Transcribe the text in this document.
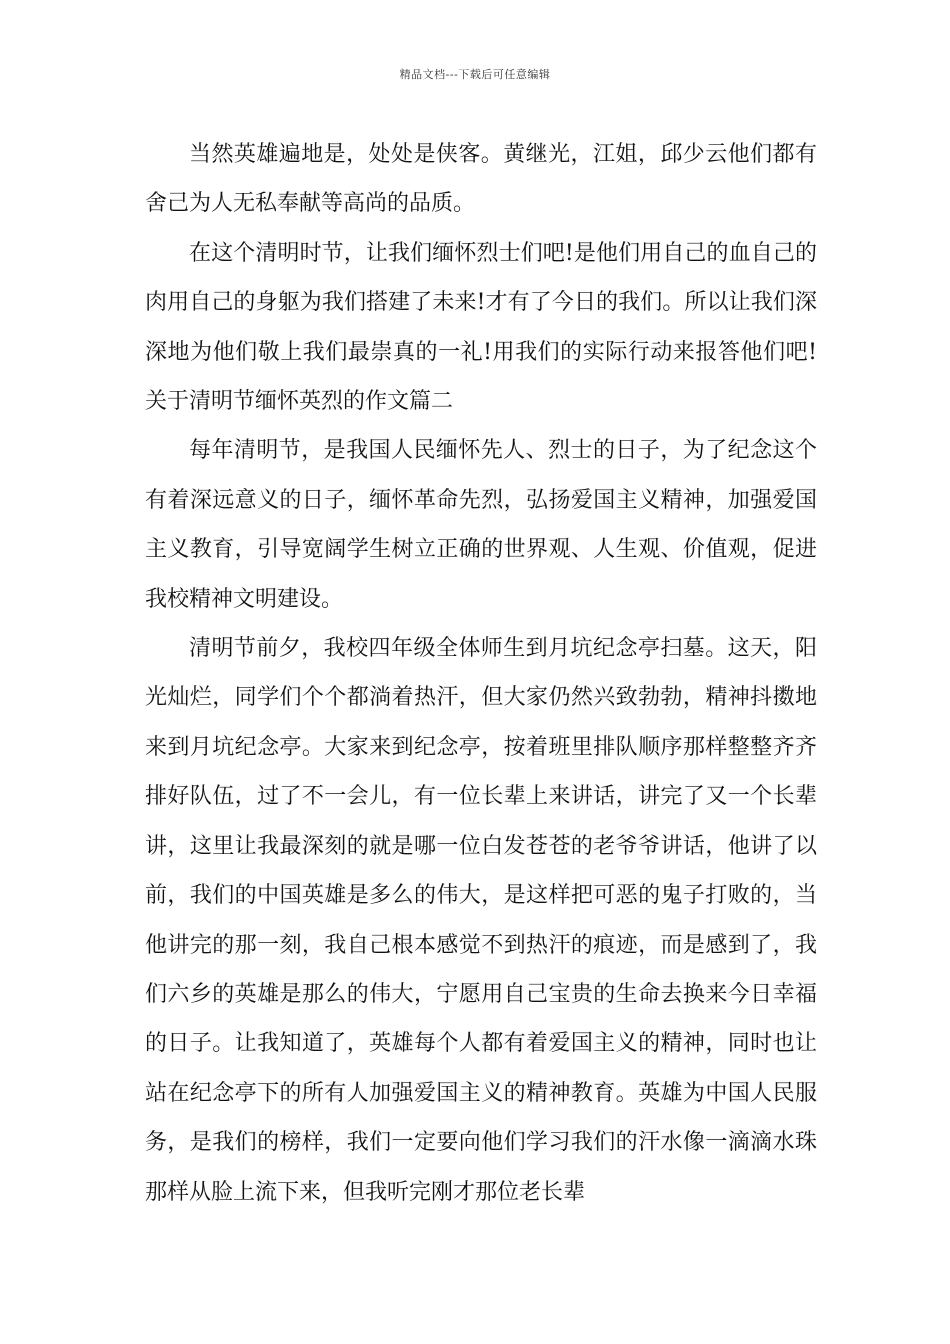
精品文档---下载后可任意编辑

当然英雄遍地是，处处是侠客。黄继光，江姐，邱少云他们都有舍己为人无私奉献等高尚的品质。

在这个清明时节，让我们缅怀烈士们吧!是他们用自己的血自己的肉用自己的身躯为我们搭建了未来!才有了今日的我们。所以让我们深深地为他们敬上我们最崇真的一礼!用我们的实际行动来报答他们吧!关于清明节缅怀英烈的作文篇二

每年清明节，是我国人民缅怀先人、烈士的日子，为了纪念这个有着深远意义的日子，缅怀革命先烈，弘扬爱国主义精神，加强爱国主义教育，引导宽阔学生树立正确的世界观、人生观、价值观，促进我校精神文明建设。

清明节前夕，我校四年级全体师生到月坑纪念亭扫墓。这天，阳光灿烂，同学们个个都淌着热汗，但大家仍然兴致勃勃，精神抖擞地来到月坑纪念亭。大家来到纪念亭，按着班里排队顺序那样整整齐齐排好队伍，过了不一会儿，有一位长辈上来讲话，讲完了又一个长辈讲，这里让我最深刻的就是哪一位白发苍苍的老爷爷讲话，他讲了以前，我们的中国英雄是多么的伟大，是这样把可恶的鬼子打败的，当他讲完的那一刻，我自己根本感觉不到热汗的痕迹，而是感到了，我们六乡的英雄是那么的伟大，宁愿用自己宝贵的生命去换来今日幸福的日子。让我知道了，英雄每个人都有着爱国主义的精神，同时也让站在纪念亭下的所有人加强爱国主义的精神教育。英雄为中国人民服务，是我们的榜样，我们一定要向他们学习我们的汗水像一滴滴水珠那样从脸上流下来，但我听完刚才那位老长辈
